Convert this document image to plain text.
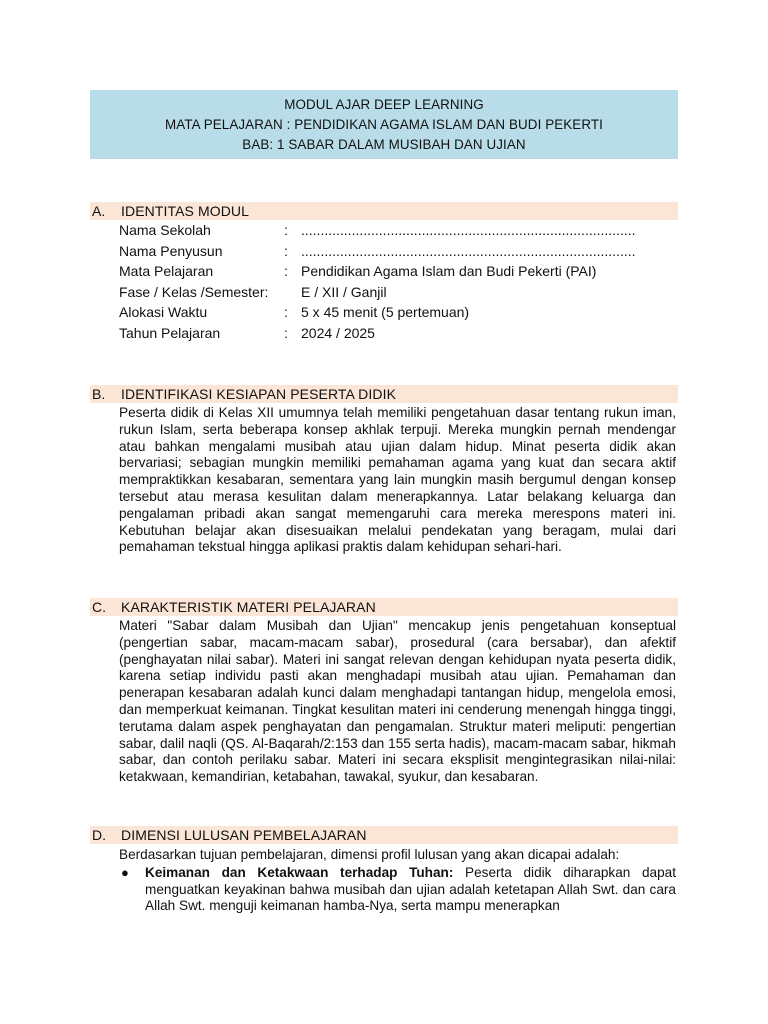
MODUL AJAR DEEP LEARNING
MATA PELAJARAN : PENDIDIKAN AGAMA ISLAM DAN BUDI PEKERTI
BAB: 1 SABAR DALAM MUSIBAH DAN UJIAN
A.	IDENTITAS MODUL
Nama Sekolah	: ......................................................................................
Nama Penyusun	: ......................................................................................
Mata Pelajaran	: Pendidikan Agama Islam dan Budi Pekerti (PAI)
Fase / Kelas /Semester:	E / XII / Ganjil
Alokasi Waktu	: 5 x 45 menit (5 pertemuan)
Tahun Pelajaran	: 2024 / 2025
B.	IDENTIFIKASI KESIAPAN PESERTA DIDIK
Peserta didik di Kelas XII umumnya telah memiliki pengetahuan dasar tentang rukun iman, rukun Islam, serta beberapa konsep akhlak terpuji. Mereka mungkin pernah mendengar atau bahkan mengalami musibah atau ujian dalam hidup. Minat peserta didik akan bervariasi; sebagian mungkin memiliki pemahaman agama yang kuat dan secara aktif mempraktikkan kesabaran, sementara yang lain mungkin masih bergumul dengan konsep tersebut atau merasa kesulitan dalam menerapkannya. Latar belakang keluarga dan pengalaman pribadi akan sangat memengaruhi cara mereka merespons materi ini. Kebutuhan belajar akan disesuaikan melalui pendekatan yang beragam, mulai dari pemahaman tekstual hingga aplikasi praktis dalam kehidupan sehari-hari.
C.	KARAKTERISTIK MATERI PELAJARAN
Materi "Sabar dalam Musibah dan Ujian" mencakup jenis pengetahuan konseptual (pengertian sabar, macam-macam sabar), prosedural (cara bersabar), dan afektif (penghayatan nilai sabar). Materi ini sangat relevan dengan kehidupan nyata peserta didik, karena setiap individu pasti akan menghadapi musibah atau ujian. Pemahaman dan penerapan kesabaran adalah kunci dalam menghadapi tantangan hidup, mengelola emosi, dan memperkuat keimanan. Tingkat kesulitan materi ini cenderung menengah hingga tinggi, terutama dalam aspek penghayatan dan pengamalan. Struktur materi meliputi: pengertian sabar, dalil naqli (QS. Al-Baqarah/2:153 dan 155 serta hadis), macam-macam sabar, hikmah sabar, dan contoh perilaku sabar. Materi ini secara eksplisit mengintegrasikan nilai-nilai: ketakwaan, kemandirian, ketabahan, tawakal, syukur, dan kesabaran.
D.	DIMENSI LULUSAN PEMBELAJARAN
Berdasarkan tujuan pembelajaran, dimensi profil lulusan yang akan dicapai adalah:
●	Keimanan dan Ketakwaan terhadap Tuhan: Peserta didik diharapkan dapat menguatkan keyakinan bahwa musibah dan ujian adalah ketetapan Allah Swt. dan cara Allah Swt. menguji keimanan hamba-Nya, serta mampu menerapkan
